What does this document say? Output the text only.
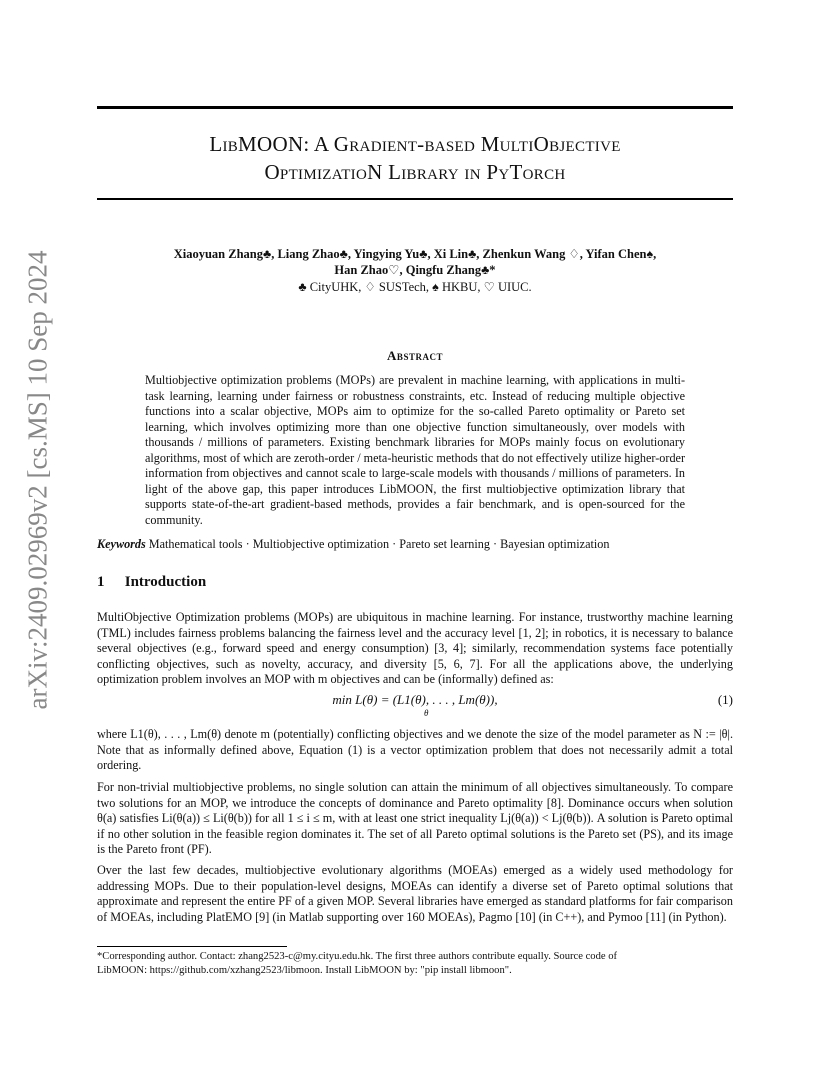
arXiv:2409.02969v2 [cs.MS] 10 Sep 2024
LibMOON: A Gradient-based MultiObjective
OptimizatioN Library in PyTorch
Xiaoyuan Zhang♣, Liang Zhao♣, Yingying Yu♣, Xi Lin♣, Zhenkun Wang ♢, Yifan Chen♠,
Han Zhao♡, Qingfu Zhang♣*
♣ CityUHK, ♢ SUSTech, ♠ HKBU, ♡ UIUC.
Abstract
Multiobjective optimization problems (MOPs) are prevalent in machine learning, with applications in multi-task learning, learning under fairness or robustness constraints, etc. Instead of reducing multiple objective functions into a scalar objective, MOPs aim to optimize for the so-called Pareto optimality or Pareto set learning, which involves optimizing more than one objective function simultaneously, over models with thousands / millions of parameters. Existing benchmark libraries for MOPs mainly focus on evolutionary algorithms, most of which are zeroth-order / meta-heuristic methods that do not effectively utilize higher-order information from objectives and cannot scale to large-scale models with thousands / millions of parameters. In light of the above gap, this paper introduces LibMOON, the first multiobjective optimization library that supports state-of-the-art gradient-based methods, provides a fair benchmark, and is open-sourced for the community.
Keywords Mathematical tools · Multiobjective optimization · Pareto set learning · Bayesian optimization
1 Introduction
MultiObjective Optimization problems (MOPs) are ubiquitous in machine learning. For instance, trustworthy machine learning (TML) includes fairness problems balancing the fairness level and the accuracy level [1, 2]; in robotics, it is necessary to balance several objectives (e.g., forward speed and energy consumption) [3, 4]; similarly, recommendation systems face potentially conflicting objectives, such as novelty, accuracy, and diversity [5, 6, 7]. For all the applications above, the underlying optimization problem involves an MOP with m objectives and can be (informally) defined as:
min L(θ) = (L1(θ), . . . , Lm(θ)),
θ
(1)
where L1(θ), . . . , Lm(θ) denote m (potentially) conflicting objectives and we denote the size of the model parameter as N := |θ|. Note that as informally defined above, Equation (1) is a vector optimization problem that does not necessarily admit a total ordering.
For non-trivial multiobjective problems, no single solution can attain the minimum of all objectives simultaneously. To compare two solutions for an MOP, we introduce the concepts of dominance and Pareto optimality [8]. Dominance occurs when solution θ(a) satisfies Li(θ(a)) ≤ Li(θ(b)) for all 1 ≤ i ≤ m, with at least one strict inequality Lj(θ(a)) < Lj(θ(b)). A solution is Pareto optimal if no other solution in the feasible region dominates it. The set of all Pareto optimal solutions is the Pareto set (PS), and its image is the Pareto front (PF).
Over the last few decades, multiobjective evolutionary algorithms (MOEAs) emerged as a widely used methodology for addressing MOPs. Due to their population-level designs, MOEAs can identify a diverse set of Pareto optimal solutions that approximate and represent the entire PF of a given MOP. Several libraries have emerged as standard platforms for fair comparison of MOEAs, including PlatEMO [9] (in Matlab supporting over 160 MOEAs), Pagmo [10] (in C++), and Pymoo [11] (in Python).
*Corresponding author. Contact: zhang2523-c@my.cityu.edu.hk. The first three authors contribute equally. Source code of
LibMOON: https://github.com/xzhang2523/libmoon. Install LibMOON by: "pip install libmoon".
